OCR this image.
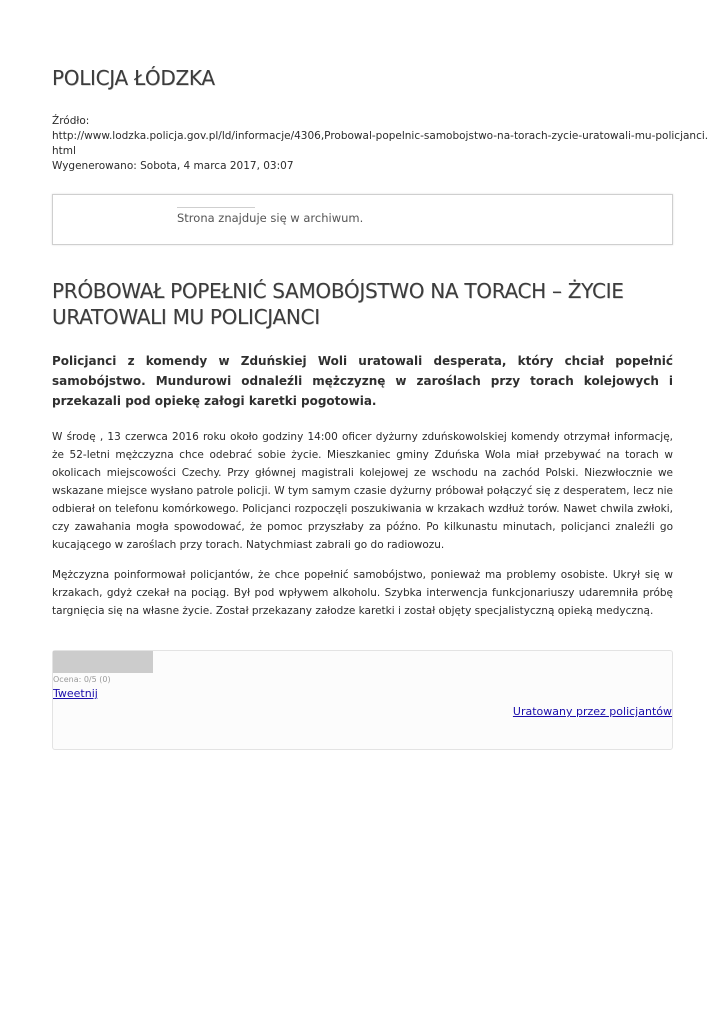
POLICJA ŁÓDZKA
Źródło:
http://www.lodzka.policja.gov.pl/ld/informacje/4306,Probowal-popelnic-samobojstwo-na-torach-zycie-uratowali-mu-policjanci.
html
Wygenerowano: Sobota, 4 marca 2017, 03:07
Strona znajduje się w archiwum.
PRÓBOWAŁ POPEŁNIĆ SAMOBÓJSTWO NA TORACH – ŻYCIE URATOWALI MU POLICJANCI
Policjanci z komendy w Zduńskiej Woli uratowali desperata, który chciał popełnić samobójstwo. Mundurowi odnaleźli mężczyznę w zaroślach przy torach kolejowych i przekazali pod opiekę załogi karetki pogotowia.

W środę , 13 czerwca 2016 roku około godziny 14:00 oficer dyżurny zduńskowolskiej komendy otrzymał informację, że 52-letni mężczyzna chce odebrać sobie życie. Mieszkaniec gminy Zduńska Wola miał przebywać na torach w okolicach miejscowości Czechy. Przy głównej magistrali kolejowej ze wschodu na zachód Polski. Niezwłocznie we wskazane miejsce wysłano patrole policji. W tym samym czasie dyżurny próbował połączyć się z desperatem, lecz nie odbierał on telefonu komórkowego. Policjanci rozpoczęli poszukiwania w krzakach wzdłuż torów. Nawet chwila zwłoki, czy zawahania mogła spowodować, że pomoc przyszłaby za późno. Po kilkunastu minutach, policjanci znaleźli go kucającego w zaroślach przy torach. Natychmiast zabrali go do radiowozu.

Mężczyzna poinformował policjantów, że chce popełnić samobójstwo, ponieważ ma problemy osobiste. Ukrył się w krzakach, gdyż czekał na pociąg. Był pod wpływem alkoholu. Szybka interwencja funkcjonariuszy udaremniła próbę targnięcia się na własne życie. Został przekazany załodze karetki i został objęty specjalistyczną opieką medyczną.

Ocena: 0/5 (0)
Tweetnij
Uratowany przez policjantów
